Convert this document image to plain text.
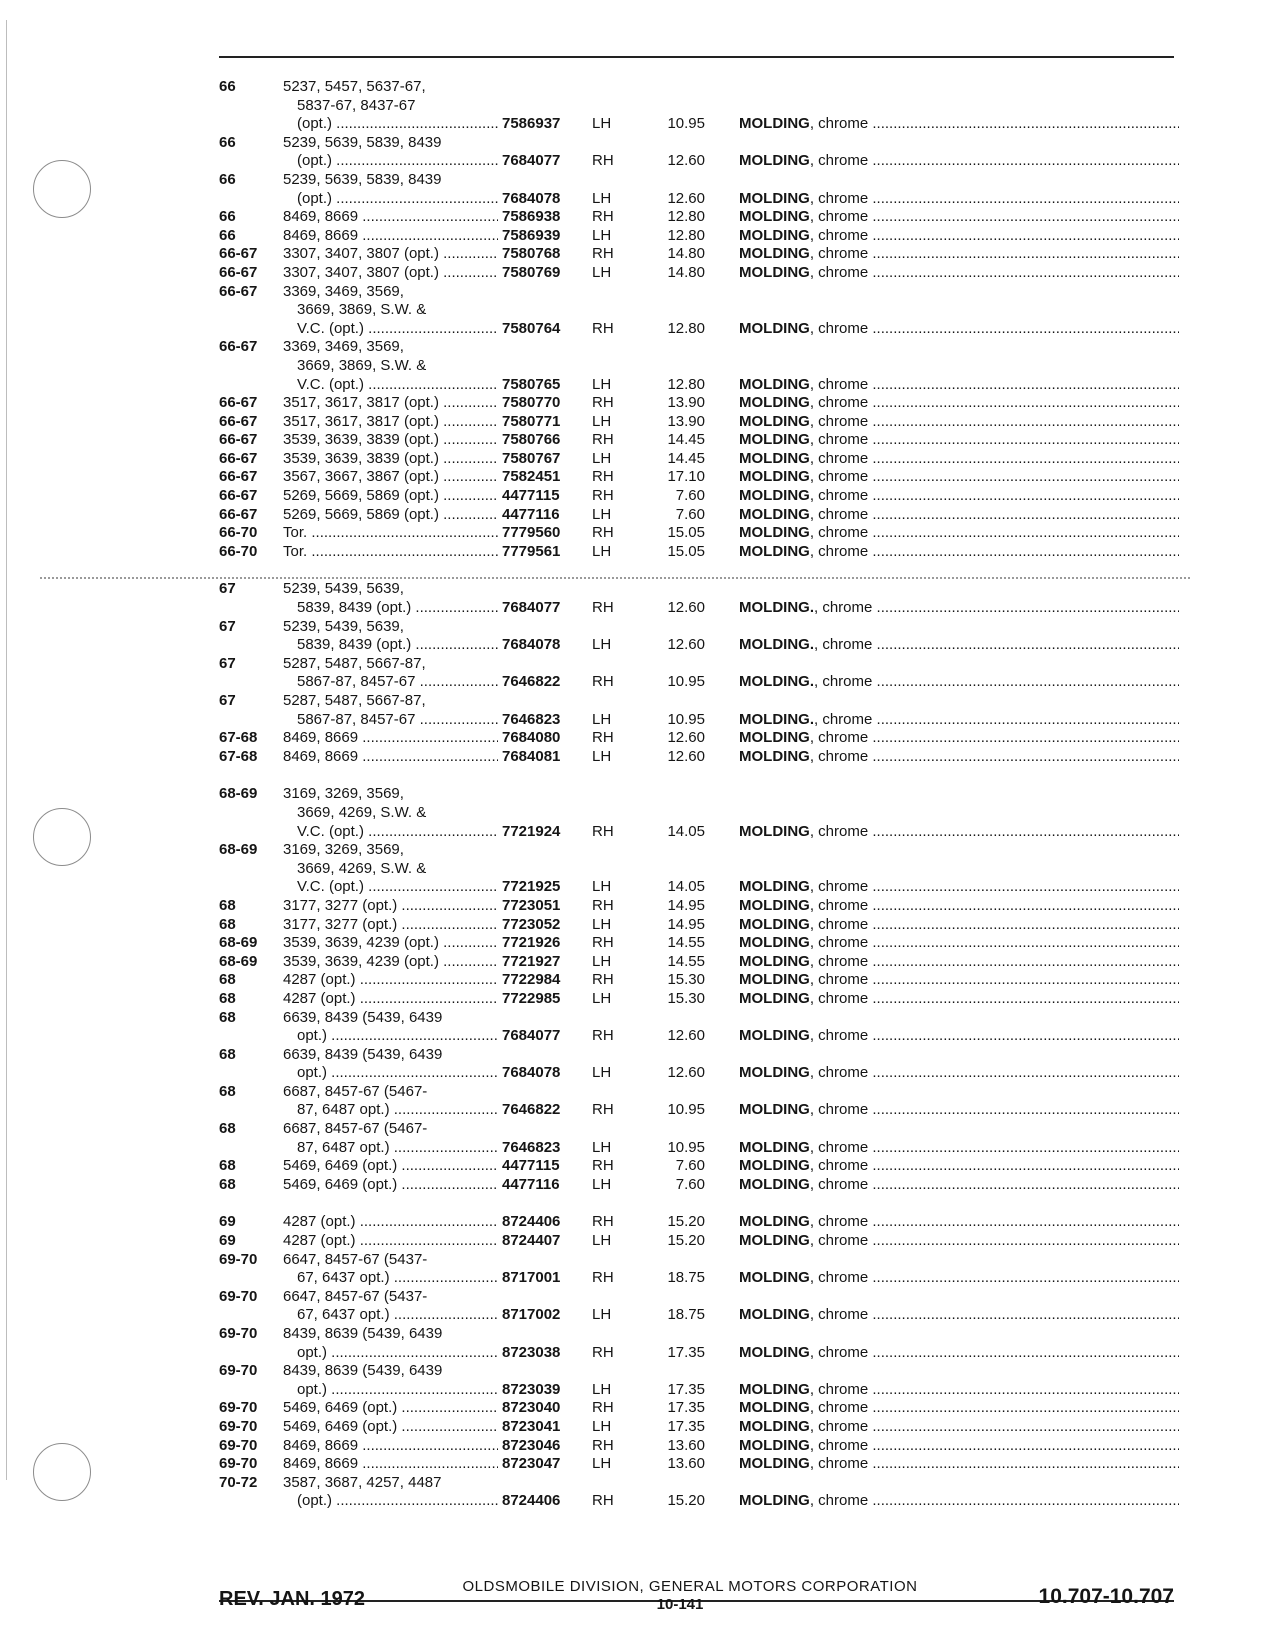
66	5237, 5457, 5637-67,
5837-67, 8437-67
(opt.) .....	7586937 LH	10.95 MOLDING, chrome .....
66	5239, 5639, 5839, 8439
(opt.) .....	7684077 RH	12.60 MOLDING, chrome .....
66	5239, 5639, 5839, 8439
(opt.) .....	7684078 LH	12.60 MOLDING, chrome .....
66	8469, 8669 .....	7586938 RH	12.80 MOLDING, chrome .....
66	8469, 8669 .....	7586939 LH	12.80 MOLDING, chrome .....
66-67 3307, 3407, 3807 (opt.) .....	7580768 RH	14.80 MOLDING, chrome .....
66-67 3307, 3407, 3807 (opt.) .....	7580769 LH	14.80 MOLDING, chrome .....
66-67 3369, 3469, 3569,
3669, 3869, S.W. &
V.C. (opt.) .....	7580764 RH	12.80 MOLDING, chrome .....
66-67 3369, 3469, 3569,
3669, 3869, S.W. &
V.C. (opt.) .....	7580765 LH	12.80 MOLDING, chrome .....
66-67 3517, 3617, 3817 (opt.) .....	7580770 RH	13.90 MOLDING, chrome .....
66-67 3517, 3617, 3817 (opt.) .....	7580771 LH	13.90 MOLDING, chrome .....
66-67 3539, 3639, 3839 (opt.) .....	7580766 RH	14.45 MOLDING, chrome .....
66-67 3539, 3639, 3839 (opt.) .....	7580767 LH	14.45 MOLDING, chrome .....
66-67 3567, 3667, 3867 (opt.) .....	7582451 RH	17.10 MOLDING, chrome .....
66-67 5269, 5669, 5869 (opt.) .....	4477115 RH	7.60 MOLDING, chrome .....
66-67 5269, 5669, 5869 (opt.) .....	4477116 LH	7.60 MOLDING, chrome .....
66-70 Tor. .....	7779560 RH	15.05 MOLDING, chrome .....
66-70 Tor. .....	7779561 LH	15.05 MOLDING, chrome .....
67	5239, 5439, 5639,
5839, 8439 (opt.) .....	7684077 RH	12.60 MOLDING., chrome .....
67	5239, 5439, 5639,
5839, 8439 (opt.) .....	7684078 LH	12.60 MOLDING., chrome .....
67	5287, 5487, 5667-87,
5867-87, 8457-67 .....	7646822 RH	10.95 MOLDING., chrome .....
67	5287, 5487, 5667-87,
5867-87, 8457-67 .....	7646823 LH	10.95 MOLDING., chrome .....
67-68 8469, 8669 .....	7684080 RH	12.60 MOLDING, chrome .....
67-68 8469, 8669 .....	7684081 LH	12.60 MOLDING, chrome .....
68-69 3169, 3269, 3569,
3669, 4269, S.W. &
V.C. (opt.) .....	7721924 RH	14.05 MOLDING, chrome .....
68-69 3169, 3269, 3569,
3669, 4269, S.W. &
V.C. (opt.) .....	7721925 LH	14.05 MOLDING, chrome .....
68	3177, 3277 (opt.) .....	7723051 RH	14.95 MOLDING, chrome .....
68	3177, 3277 (opt.) .....	7723052 LH	14.95 MOLDING, chrome .....
68-69 3539, 3639, 4239 (opt.) .....	7721926 RH	14.55 MOLDING, chrome .....
68-69 3539, 3639, 4239 (opt.) .....	7721927 LH	14.55 MOLDING, chrome .....
68	4287 (opt.) .....	7722984 RH	15.30 MOLDING, chrome .....
68	4287 (opt.) .....	7722985 LH	15.30 MOLDING, chrome .....
68	6639, 8439 (5439, 6439
opt.) .....	7684077 RH	12.60 MOLDING, chrome .....
68	6639, 8439 (5439, 6439
opt.) .....	7684078 LH	12.60 MOLDING, chrome .....
68	6687, 8457-67 (5467-
87, 6487 opt.) .....	7646822 RH	10.95 MOLDING, chrome .....
68	6687, 8457-67 (5467-
87, 6487 opt.) .....	7646823 LH	10.95 MOLDING, chrome .....
68	5469, 6469 (opt.) .....	4477115 RH	7.60 MOLDING, chrome .....
68	5469, 6469 (opt.) .....	4477116 LH	7.60 MOLDING, chrome .....
69	4287 (opt.) .....	8724406 RH	15.20 MOLDING, chrome .....
69	4287 (opt.) .....	8724407 LH	15.20 MOLDING, chrome .....
69-70 6647, 8457-67 (5437-
67, 6437 opt.) .....	8717001 RH	18.75 MOLDING, chrome .....
69-70 6647, 8457-67 (5437-
67, 6437 opt.) .....	8717002 LH	18.75 MOLDING, chrome .....
69-70 8439, 8639 (5439, 6439
opt.) .....	8723038 RH	17.35 MOLDING, chrome .....
69-70 8439, 8639 (5439, 6439
opt.) .....	8723039 LH	17.35 MOLDING, chrome .....
69-70 5469, 6469 (opt.) .....	8723040 RH	17.35 MOLDING, chrome .....
69-70 5469, 6469 (opt.) .....	8723041 LH	17.35 MOLDING, chrome .....
69-70 8469, 8669 .....	8723046 RH	13.60 MOLDING, chrome .....
69-70 8469, 8669 .....	8723047 LH	13.60 MOLDING, chrome .....
70-72 3587, 3687, 4257, 4487
(opt.) .....	8724406 RH	15.20 MOLDING, chrome .....
OLDSMOBILE DIVISION, GENERAL MOTORS CORPORATION
REV. JAN. 1972	10-141	10.707-10.707
